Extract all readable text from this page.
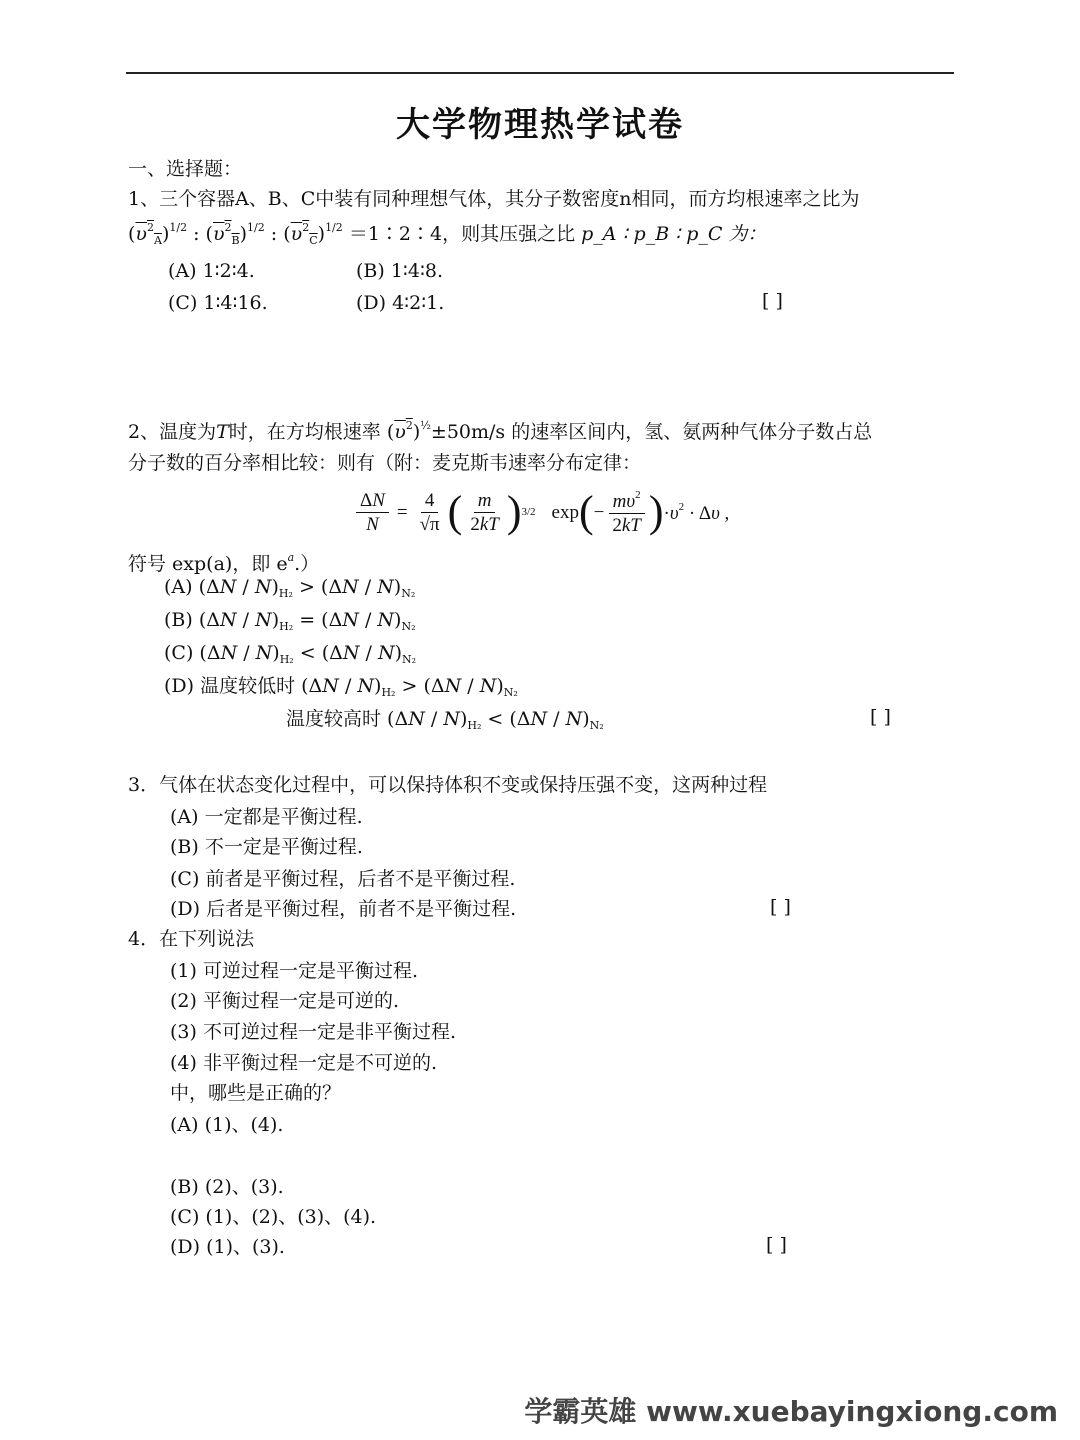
大学物理热学试卷
一、选择题：
1、三个容器A、B、C中装有同种理想气体，其分子数密度n相同，而方均根速率之比为
$(\upsilon^2_A)^{1/2}$ : $(\upsilon^2_B)^{1/2}$ : $(\upsilon^2_C)^{1/2}$ ＝1∶2∶4，则其压强之比 p_A ∶ p_B ∶ p_C 为：
(A) 1∶2∶4.	(B) 1∶4∶8.
(C) 1∶4∶16.	(D) 4∶2∶1.	[ ]
2、温度为T时，在方均根速率 $(\upsilon^2)^{\frac{1}{2}}\pm 50m/s$ 的速率区间内，氢、氨两种气体分子数占总
分子数的百分率相比较：则有（附：麦克斯韦速率分布定律：
$\frac{\Delta N}{N} = \frac{4}{√\pi}$ ( $\frac{m}{2kT}$ ) 3/2 exp ( − $\frac{m\upsilon^2}{2kT}$ ) $\cdot\upsilon^2 \cdot \Delta\upsilon$ ,
符号 exp(a)，即 $e^a$.）
(A) $(\Delta N / N)_{H_2} > (\Delta N / N)_{N_2}$
(B) $(\Delta N / N)_{H_2} = (\Delta N / N)_{N_2}$
(C) $(\Delta N / N)_{H_2} < (\Delta N / N)_{N_2}$
(D) 温度较低时 $(\Delta N / N)_{H_2} > (\Delta N / N)_{N_2}$
温度较高时 $(\Delta N / N)_{H_2} < (\Delta N / N)_{N_2}$	[ ]
3．气体在状态变化过程中，可以保持体积不变或保持压强不变，这两种过程
(A) 一定都是平衡过程.
(B) 不一定是平衡过程.
(C) 前者是平衡过程，后者不是平衡过程.
(D) 后者是平衡过程，前者不是平衡过程.	[ ]
4．在下列说法
(1) 可逆过程一定是平衡过程.
(2) 平衡过程一定是可逆的.
(3) 不可逆过程一定是非平衡过程.
(4) 非平衡过程一定是不可逆的.
中，哪些是正确的？
(A) (1)、(4).
(B) (2)、(3).
(C) (1)、(2)、(3)、(4).
(D) (1)、(3).	[ ]
学霸英雄 www.xuebayingxiong.com
